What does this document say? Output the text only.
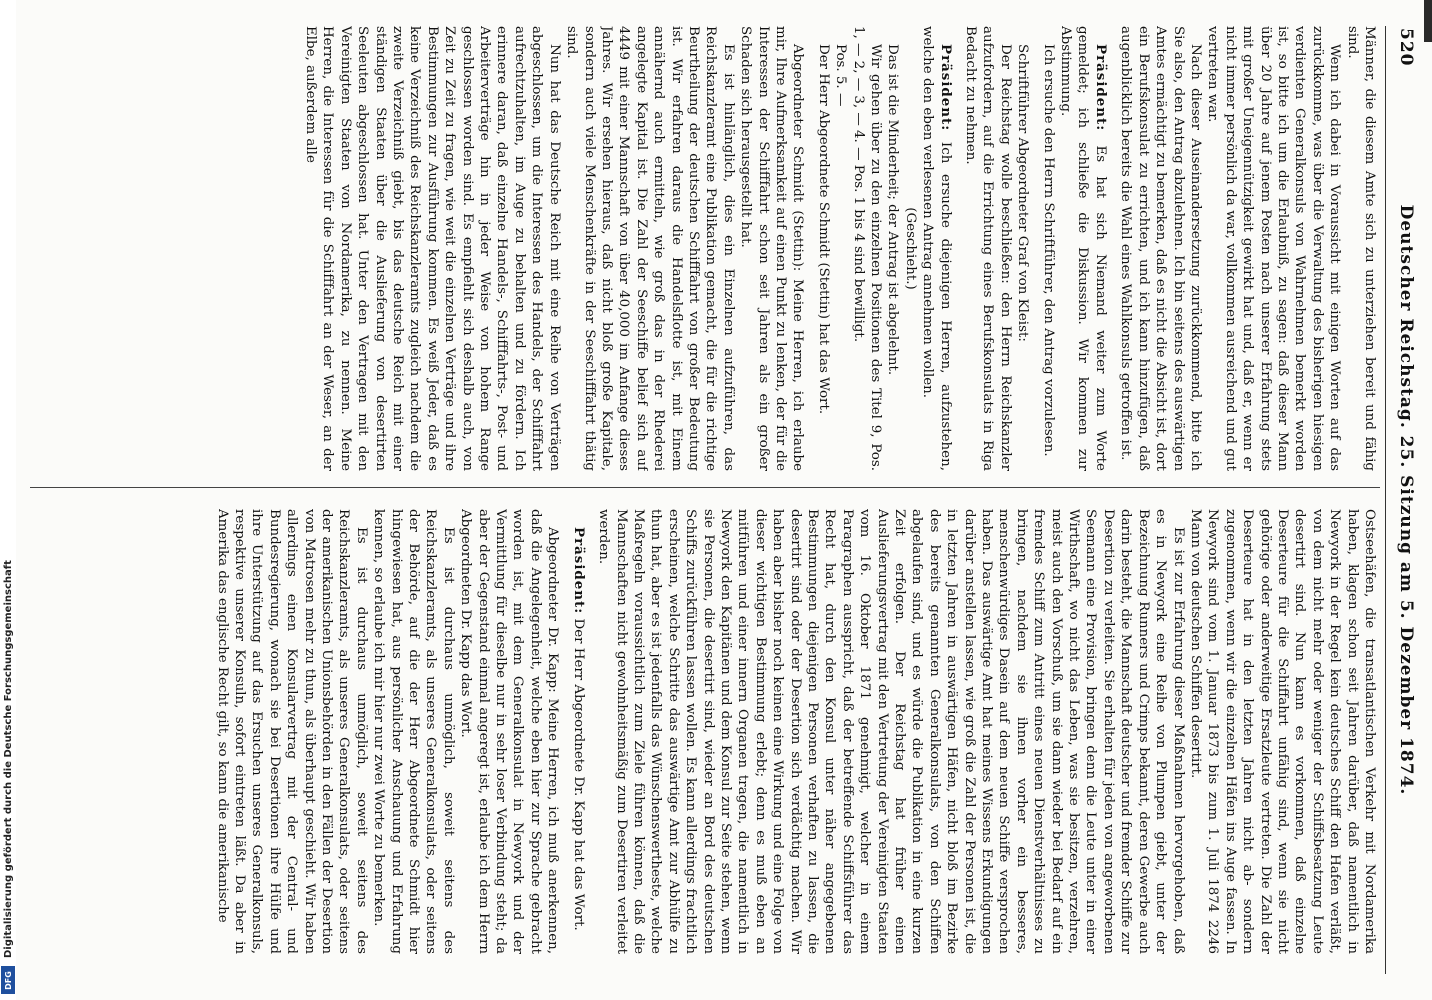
520
Deutscher Reichstag. 25. Sitzung am 5. Dezember 1874.

Männer, die diesem Amte sich zu unterziehen bereit und fähig sind.

Wenn ich dabei in Voraussicht mit einigen Worten auf das zurückkomme, was über die Verwaltung des bisherigen hiesigen verdienten Generalkonsuls von Wahrnehmen bemerkt worden ist, so bitte ich um die Erlaubniß, zu sagen: daß dieser Mann über 20 Jahre auf jenem Posten nach unserer Erfahrung stets mit großer Uneigennützigkeit gewirkt hat und, daß er, wenn er nicht immer persönlich da war, vollkommen ausreichend und gut vertreten war.

Nach dieser Auseinandersetzung zurückkommend, bitte ich Sie also, den Antrag abzulehnen. Ich bin seitens des auswärtigen Amtes ermächtigt zu bemerken, daß es nicht die Absicht ist, dort ein Berufskonsulat zu errichten, und ich kann hinzufügen, daß augenblicklich bereits die Wahl eines Wahlkonsuls getroffen ist.

Präsident: Es hat sich Niemand weiter zum Worte gemeldet; ich schließe die Diskussion. Wir kommen zur Abstimmung.

Ich ersuche den Herrn Schriftführer, den Antrag vorzulesen.

Schriftführer Abgeordneter Graf von Kleist:

Der Reichstag wolle beschließen: den Herrn Reichskanzler aufzufordern, auf die Errichtung eines Berufskonsulats in Riga Bedacht zu nehmen.

Präsident: Ich ersuche diejenigen Herren, aufzustehen, welche den eben verlesenen Antrag annehmen wollen.

(Geschieht.)

Das ist die Minderheit; der Antrag ist abgelehnt.

Wir gehen über zu den einzelnen Positionen des Titel 9, Pos. 1, — 2, — 3, — 4. — Pos. 1 bis 4 sind bewilligt.

Pos. 5. —

Der Herr Abgeordnete Schmidt (Stettin) hat das Wort.

Abgeordneter Schmidt (Stettin): Meine Herren, ich erlaube mir, Ihre Aufmerksamkeit auf einen Punkt zu lenken, der für die Interessen der Schifffahrt schon seit Jahren als ein großer Schaden sich herausgestellt hat.

Es ist hinlänglich, dies ein Einzelnen aufzuführen, das Reichskanzleramt eine Publikation gemacht, die für die richtige Beurtheilung der deutschen Schifffahrt von großer Bedeutung ist. Wir erfahren daraus die Handelsflotte ist, mit Einem annähernd auch ermitteln, wie groß das in der Rhederei angelegte Kapital ist. Die Zahl der Seeschiffe belief sich auf 4449 mit einer Mannschaft von über 40,000 im Anfange dieses Jahres. Wir ersehen hieraus, daß nicht bloß große Kapitale, sondern auch viele Menschenkräfte in der Seeschifffahrt thätig sind.

Nun hat das Deutsche Reich mit eine Reihe von Verträgen abgeschlossen, um die Interessen des Handels, der Schifffahrt aufrechtzuhalten, im Auge zu behalten und zu fördern. Ich erinnere daran, daß einzelne Handels-, Schifffahrts-, Post- und Arbeiterverträge hin in jeder Weise von hohem Range geschlossen worden sind. Es empfiehlt sich deshalb auch, von Zeit zu Zeit zu fragen, wie weit die einzelnen Verträge und ihre Bestimmungen zur Ausführung kommen. Es weiß Jeder, daß es keine Verzeichniß des Reichskanzleramts zugleich nachdem die zweite Verzeichniß giebt, bis das deutsche Reich mit einer ständigen Staaten über die Auslieferung von desertirten Seeleuten abgeschlossen hat. Unter den Vertragen mit den Vereinigten Staaten von Nordamerika, zu nennen. Meine Herren, die Interessen für die Schifffahrt an der Weser, an der Elbe, außerdem alle

Ostseehäfen, die transatlantischen Verkehr mit Nordamerika haben, klagen schon seit Jahren darüber, daß namentlich in Newyork in der Regel kein deutsches Schiff den Hafen verläßt, von dem nicht mehr oder weniger der Schiffsbesatzung Leute desertirt sind. Nun kann es vorkommen, daß einzelne Deserteure für die Schiffahrt unfähig sind, wenn sie nicht gehörige oder anderweitige Ersatzleute vertreten. Die Zahl der Deserteure hat in den letzten Jahren nicht ab- sondern zugenommen, wenn wir die einzelnen Häfen ins Auge fassen. In Newyork sind vom 1. Januar 1873 bis zum 1. Juli 1874 2246 Mann von deutschen Schiffen desertirt.

Es ist zur Erfahrung dieser Maßnahmen hervorgehoben, daß es in Newyork eine Reihe von Plumpen giebt, unter der Bezeichnung Runners und Crimps bekannt, deren Gewerbe auch darin besteht, die Mannschaft deutscher und fremder Schiffe zur Desertion zu verleiten. Sie erhalten für jeden von angeworbenen Seemann eine Provision, bringen denn die Leute unter in einer Wirthschaft, wo nicht das Leben, was sie besitzen, verzehren, meist auch den Vorschuß, um sie dann wieder bei Bedarf auf ein fremdes Schiff zum Antritt eines neuen Dienstverhältnisses zu bringen, nachdem sie ihnen vorher ein besseres, menschenwürdiges Dasein auf dem neuen Schiffe versprochen haben. Das auswärtige Amt hat meines Wissens Erkundigungen darüber anstellen lassen, wie groß die Zahl der Personen ist, die in letzten Jahren in auswärtigen Häfen, nicht bloß im Bezirke des bereits genannten Generalkonsulats, von den Schiffen abgelaufen sind, und es würde die Publikation in eine kurzen Zeit erfolgen. Der Reichstag hat früher einen Auslieferungsvertrag mit den Vertretung der Vereinigten Staaten vom 16. Oktober 1871 genehmigt, welcher in einem Paragraphen ausspricht, daß der betreffende Schiffsführer das Recht hat, durch den Konsul unter näher angegebenen Bestimmungen diejenigen Personen verhaften zu lassen, die desertirt sind oder der Desertion sich verdächtig machen. Wir haben aber bisher noch keinen eine Wirkung und eine Folge von dieser wichtigen Bestimmung erlebt; denn es muß eben an mitführen und einer innern Organen tragen, die namentlich in Newyork den Kapitänen und dem Konsul zur Seite stehen, wenn sie Personen, die desertirt sind, wieder an Bord des deutschen Schiffs zurückführen lassen wollen. Es kann allerdings frachtlich erscheinen, welche Schritte das auswärtige Amt zur Abhülfe zu thun hat, aber es ist jedenfalls das Wünschenswertheste, welche Maßregeln voraussichtlich zum Ziele führen können, daß die Mannschaften nicht gewohnheitsmäßig zum Desertiren verleitet werden.

Präsident: Der Herr Abgeordnete Dr. Kapp hat das Wort.

Abgeordneter Dr. Kapp: Meine Herren, ich muß anerkennen, daß die Angelegenheit, welche eben hier zur Sprache gebracht worden ist, mit dem Generalkonsulat in Newyork und der Vermittlung für dieselbe nur in sehr loser Verbindung steht; da aber der Gegenstand einmal angeregt ist, erlaube ich dem Herrn Abgeordneten Dr. Kapp das Wort.

Es ist durchaus unmöglich, soweit seitens des Reichskanzleramts, als unseres Generalkonsulats, oder seitens der Behörde, auf die der Herr Abgeordnete Schmidt hier hingewiesen hat, aus persönlicher Anschauung und Erfahrung kennen, so erlaube ich mir hier nur zwei Worte zu bemerken.

Es ist durchaus unmöglich, soweit seitens des Reichskanzleramts, als unseres Generalkonsulats, oder seitens der amerikanischen Unionsbehörden in den Fällen der Desertion von Matrosen mehr zu thun, als überhaupt geschieht. Wir haben allerdings einen Konsularvertrag mit der Central- und Bundesregierung, wonach sie bei Desertionen ihre Hülfe und ihre Unterstützung auf das Ersuchen unseres Generalkonsuls, respektive unserer Konsuln, sofort eintreten läßt. Da aber in Amerika das englische Recht gilt, so kann die amerikanische

Digitalisierung gefördert durch die Deutsche Forschungsgemeinschaft
DFG
